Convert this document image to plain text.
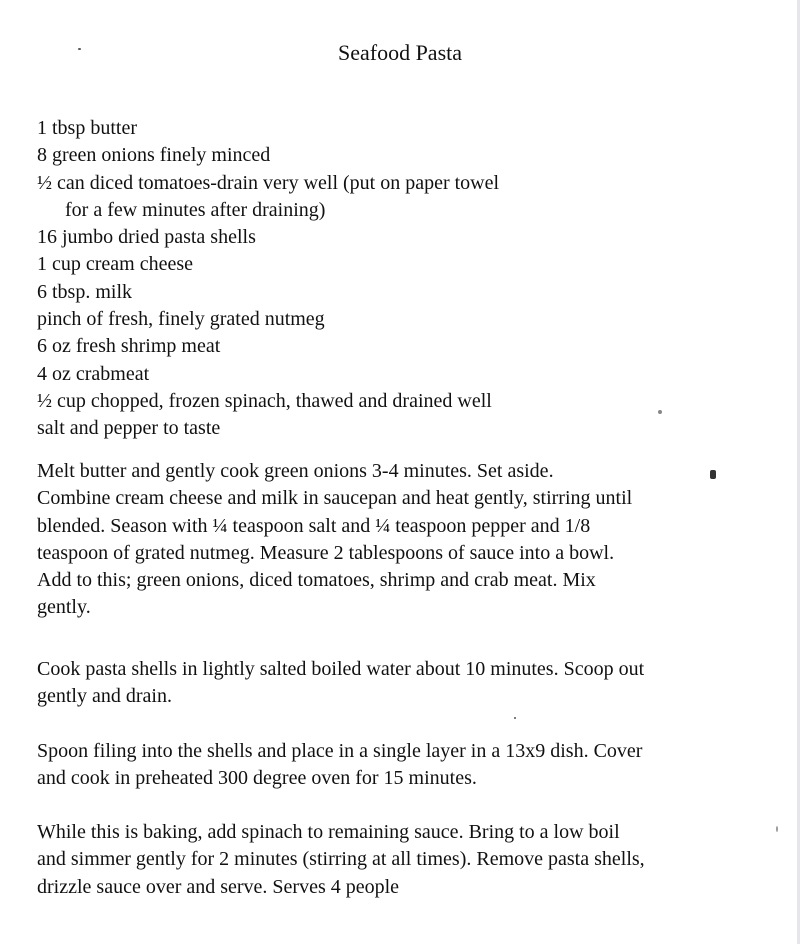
Seafood Pasta
1 tbsp butter
8 green onions finely minced
½ can diced tomatoes-drain very well (put on paper towel
for a few minutes after draining)
16 jumbo dried pasta shells
1 cup cream cheese
6 tbsp. milk
pinch of fresh, finely grated nutmeg
6 oz fresh shrimp meat
4 oz crabmeat
½ cup chopped, frozen spinach, thawed and drained well
salt and pepper to taste

Melt butter and gently cook green onions 3-4 minutes. Set aside.
Combine cream cheese and milk in saucepan and heat gently, stirring until
blended. Season with ¼ teaspoon salt and ¼ teaspoon pepper and 1/8
teaspoon of grated nutmeg. Measure 2 tablespoons of sauce into a bowl.
Add to this; green onions, diced tomatoes, shrimp and crab meat. Mix
gently.

Cook pasta shells in lightly salted boiled water about 10 minutes. Scoop out
gently and drain.

Spoon filing into the shells and place in a single layer in a 13x9 dish. Cover
and cook in preheated 300 degree oven for 15 minutes.

While this is baking, add spinach to remaining sauce. Bring to a low boil
and simmer gently for 2 minutes (stirring at all times). Remove pasta shells,
drizzle sauce over and serve. Serves 4 people
